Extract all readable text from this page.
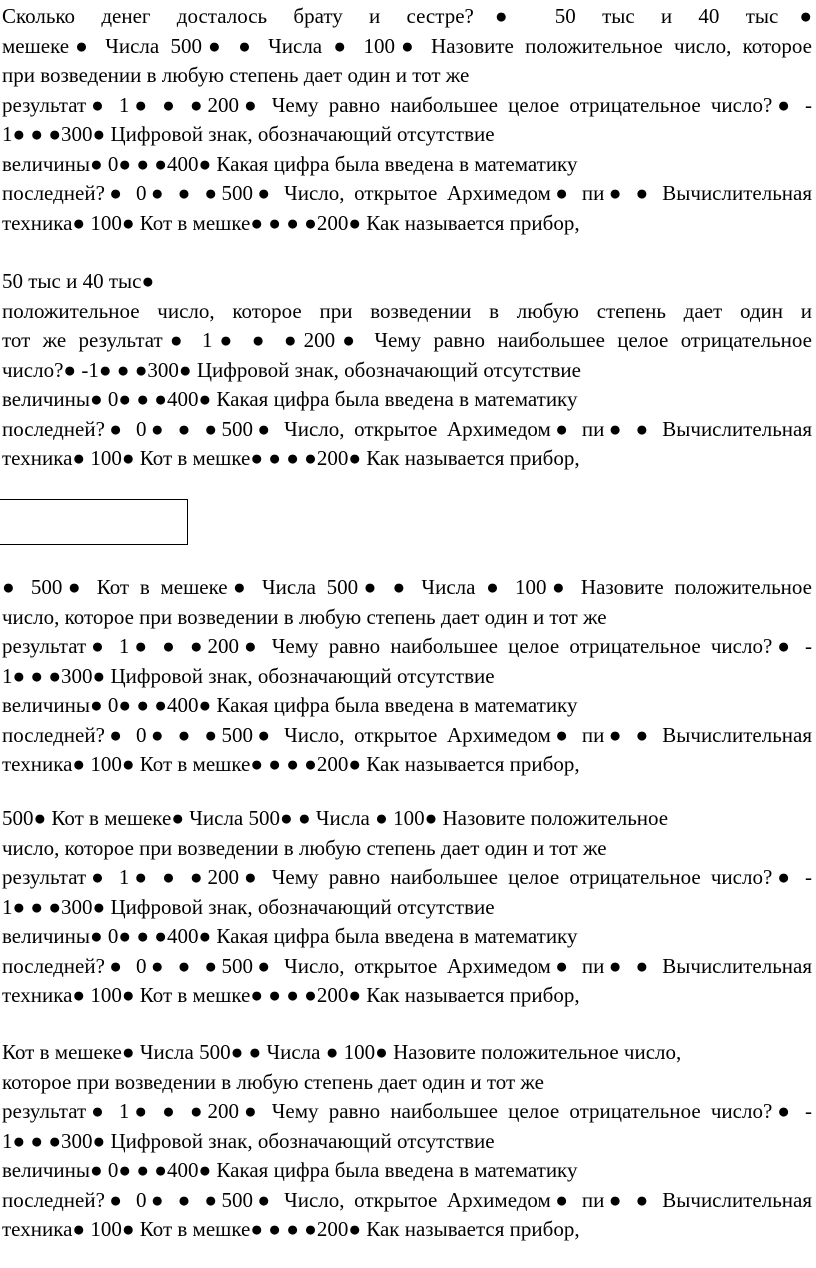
Сколько денег досталось брату и сестре?● 50 тыс и 40 тыс●
мешеке● Числа 500● ● Числа ● 100● Назовите положительное число, которое
при возведении в любую степень дает один и тот же
результат● 1● ● ●200● Чему равно наибольшее целое отрицательное число?● -
1● ● ●300● Цифровой знак, обозначающий отсутствие
величины● 0● ● ●400● Какая цифра была введена в математику
последней?● 0● ● ●500● Число, открытое Архимедом● пи● ● Вычислительная
техника● 100● Кот в мешке● ● ● ●200● Как называется прибор,
50 тыс и 40 тыс●
положительное число, которое при возведении в любую степень дает один и
тот же результат● 1● ● ●200● Чему равно наибольшее целое отрицательное
число?● -1● ● ●300● Цифровой знак, обозначающий отсутствие
величины● 0● ● ●400● Какая цифра была введена в математику
последней?● 0● ● ●500● Число, открытое Архимедом● пи● ● Вычислительная
техника● 100● Кот в мешке● ● ● ●200● Как называется прибор,
● 500● Кот в мешеке● Числа 500● ● Числа ● 100● Назовите положительное
число, которое при возведении в любую степень дает один и тот же
результат● 1● ● ●200● Чему равно наибольшее целое отрицательное число?● -
1● ● ●300● Цифровой знак, обозначающий отсутствие
величины● 0● ● ●400● Какая цифра была введена в математику
последней?● 0● ● ●500● Число, открытое Архимедом● пи● ● Вычислительная
техника● 100● Кот в мешке● ● ● ●200● Как называется прибор,
500● Кот в мешеке● Числа 500● ● Числа ● 100● Назовите положительное
число, которое при возведении в любую степень дает один и тот же
результат● 1● ● ●200● Чему равно наибольшее целое отрицательное число?● -
1● ● ●300● Цифровой знак, обозначающий отсутствие
величины● 0● ● ●400● Какая цифра была введена в математику
последней?● 0● ● ●500● Число, открытое Архимедом● пи● ● Вычислительная
техника● 100● Кот в мешке● ● ● ●200● Как называется прибор,
Кот в мешеке● Числа 500● ● Числа ● 100● Назовите положительное число,
которое при возведении в любую степень дает один и тот же
результат● 1● ● ●200● Чему равно наибольшее целое отрицательное число?● -
1● ● ●300● Цифровой знак, обозначающий отсутствие
величины● 0● ● ●400● Какая цифра была введена в математику
последней?● 0● ● ●500● Число, открытое Архимедом● пи● ● Вычислительная
техника● 100● Кот в мешке● ● ● ●200● Как называется прибор,
